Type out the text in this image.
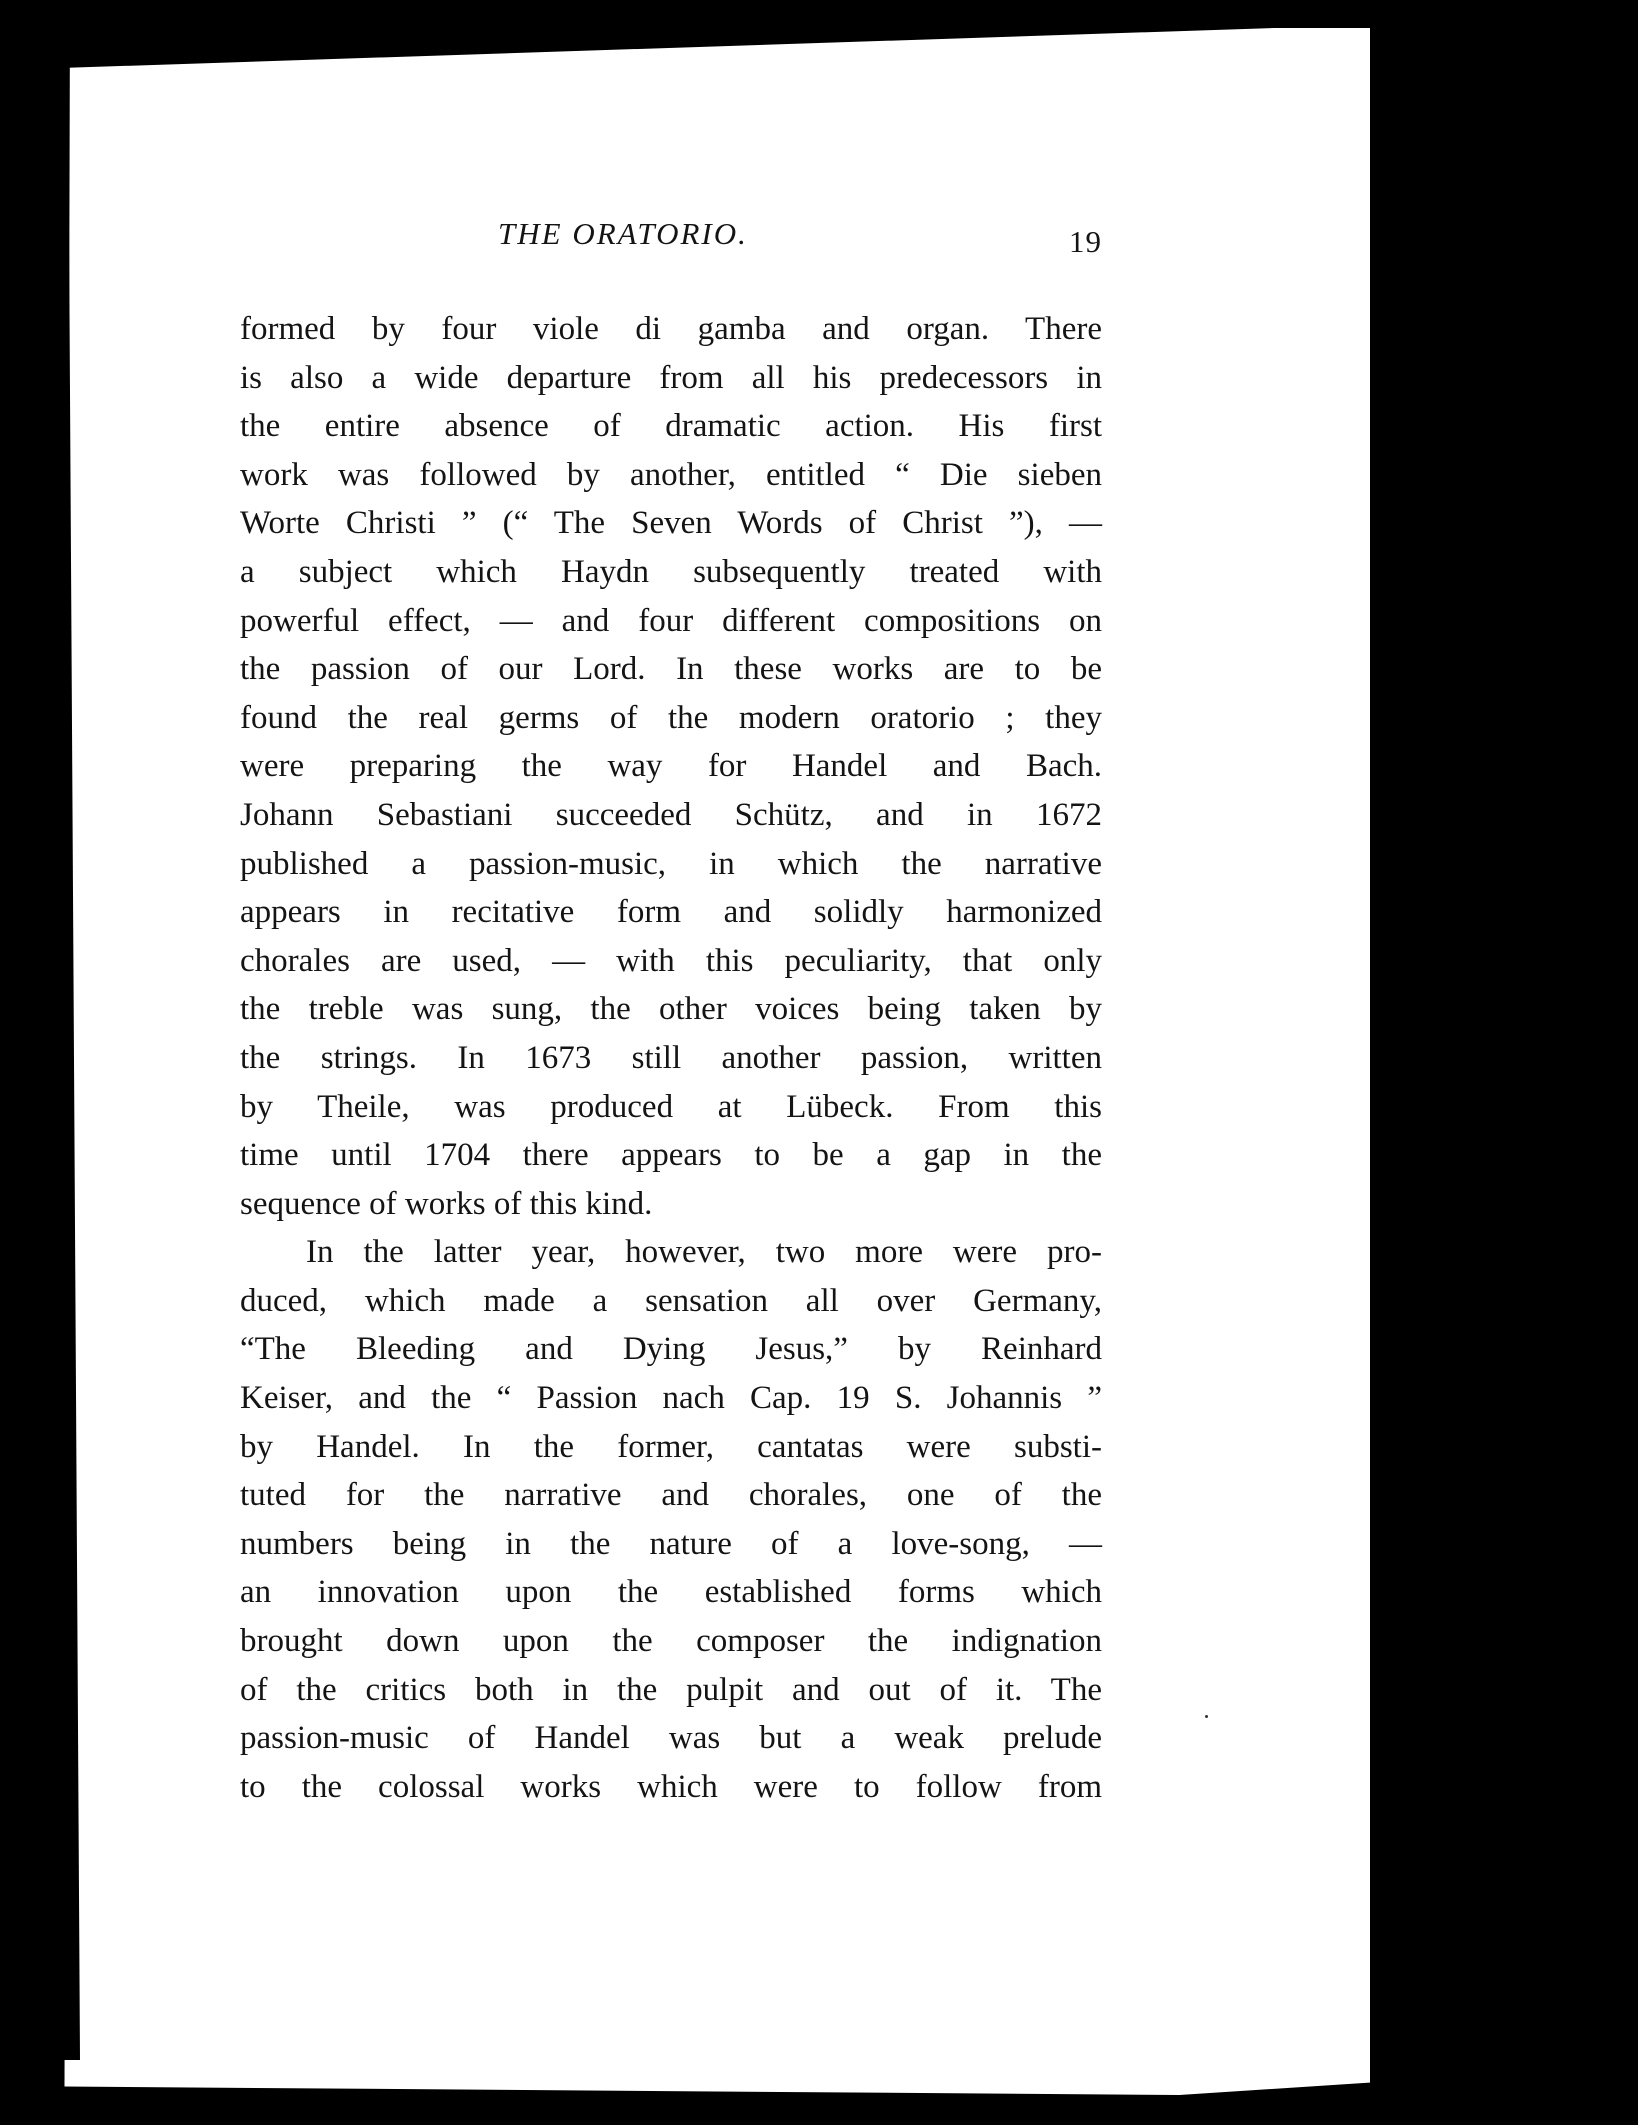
THE ORATORIO.	19
formed by four viole di gamba and organ. There
is also a wide departure from all his predecessors in
the entire absence of dramatic action. His first
work was followed by another, entitled “ Die sieben
Worte Christi ” (“ The Seven Words of Christ ”), —
a subject which Haydn subsequently treated with
powerful effect, — and four different compositions on
the passion of our Lord. In these works are to be
found the real germs of the modern oratorio ; they
were preparing the way for Handel and Bach.
Johann Sebastiani succeeded Schütz, and in 1672
published a passion-music, in which the narrative
appears in recitative form and solidly harmonized
chorales are used, — with this peculiarity, that only
the treble was sung, the other voices being taken by
the strings. In 1673 still another passion, written
by Theile, was produced at Lübeck. From this
time until 1704 there appears to be a gap in the
sequence of works of this kind.
In the latter year, however, two more were pro-
duced, which made a sensation all over Germany,
“The Bleeding and Dying Jesus,” by Reinhard
Keiser, and the “ Passion nach Cap. 19 S. Johannis ”
by Handel. In the former, cantatas were substi-
tuted for the narrative and chorales, one of the
numbers being in the nature of a love-song, —
an innovation upon the established forms which
brought down upon the composer the indignation
of the critics both in the pulpit and out of it. The
passion-music of Handel was but a weak prelude
to the colossal works which were to follow from
